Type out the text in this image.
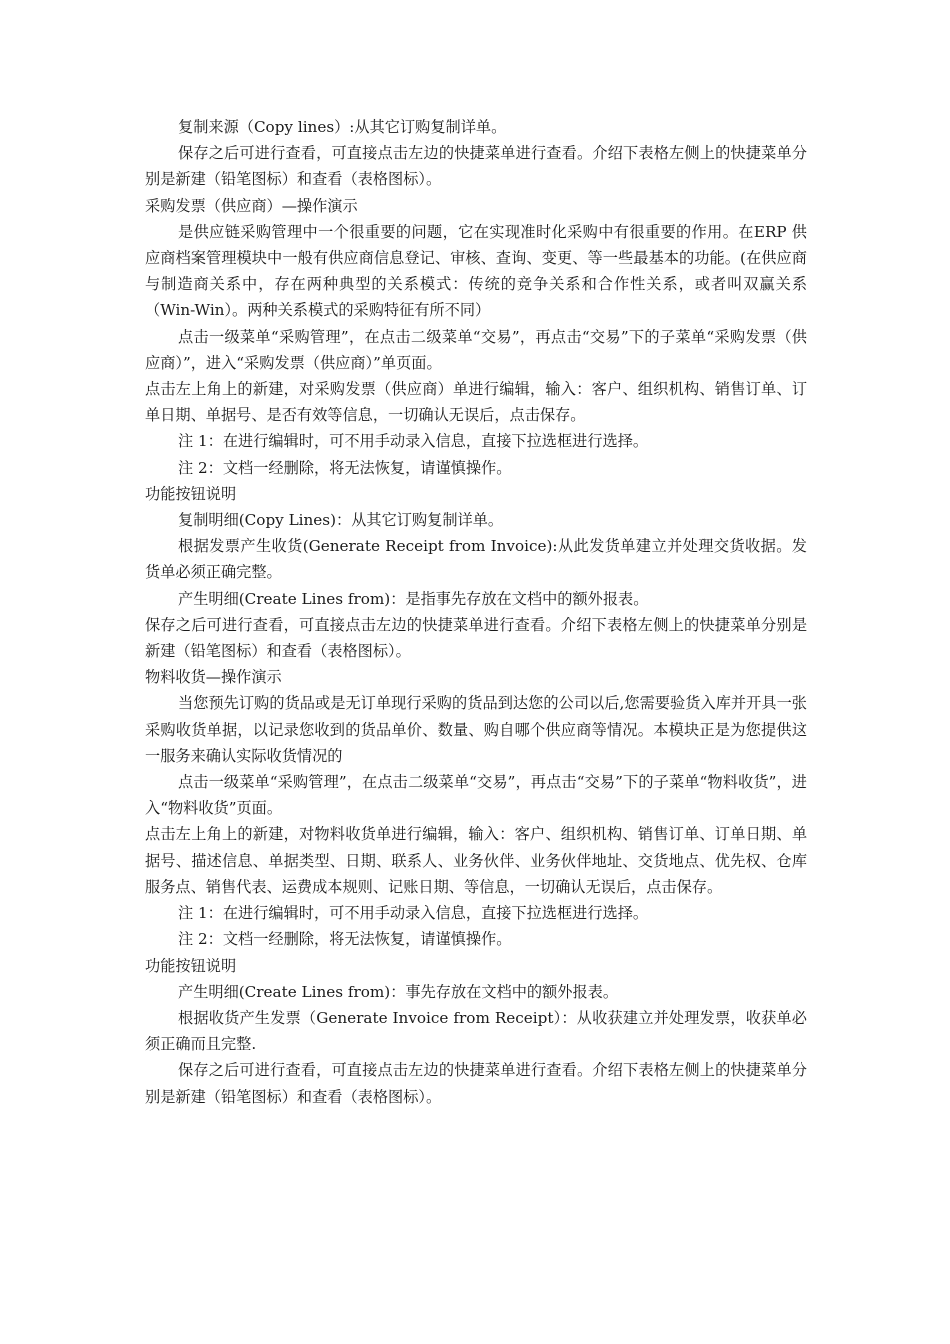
复制来源（Copy lines）:从其它订购复制详单。

保存之后可进行查看，可直接点击左边的快捷菜单进行查看。介绍下表格左侧上的快捷菜单分别是新建（铅笔图标）和查看（表格图标）。

采购发票（供应商）—操作演示

是供应链采购管理中一个很重要的问题，它在实现准时化采购中有很重要的作用。在ERP 供应商档案管理模块中一般有供应商信息登记、审核、查询、变更、等一些最基本的功能。(在供应商与制造商关系中，存在两种典型的关系模式：传统的竞争关系和合作性关系，或者叫双赢关系（Win-Win）。两种关系模式的采购特征有所不同）

点击一级菜单“采购管理”，在点击二级菜单“交易”，再点击“交易”下的子菜单“采购发票（供应商）”，进入“采购发票（供应商）”单页面。

点击左上角上的新建，对采购发票（供应商）单进行编辑，输入：客户、组织机构、销售订单、订单日期、单据号、是否有效等信息，一切确认无误后，点击保存。

注 1：在进行编辑时，可不用手动录入信息，直接下拉选框进行选择。

注 2：文档一经删除，将无法恢复，请谨慎操作。

功能按钮说明

复制明细(Copy Lines)：从其它订购复制详单。

根据发票产生收货(Generate Receipt from Invoice):从此发货单建立并处理交货收据。发货单必须正确完整。

产生明细(Create Lines from)：是指事先存放在文档中的额外报表。

保存之后可进行查看，可直接点击左边的快捷菜单进行查看。介绍下表格左侧上的快捷菜单分别是新建（铅笔图标）和查看（表格图标）。

物料收货—操作演示

当您预先订购的货品或是无订单现行采购的货品到达您的公司以后,您需要验货入库并开具一张采购收货单据，以记录您收到的货品单价、数量、购自哪个供应商等情况。本模块正是为您提供这一服务来确认实际收货情况的

点击一级菜单“采购管理”，在点击二级菜单“交易”，再点击“交易”下的子菜单“物料收货”，进入“物料收货”页面。

点击左上角上的新建，对物料收货单进行编辑，输入：客户、组织机构、销售订单、订单日期、单据号、描述信息、单据类型、日期、联系人、业务伙伴、业务伙伴地址、交货地点、优先权、仓库服务点、销售代表、运费成本规则、记账日期、等信息，一切确认无误后，点击保存。

注 1：在进行编辑时，可不用手动录入信息，直接下拉选框进行选择。

注 2：文档一经删除，将无法恢复，请谨慎操作。

功能按钮说明

产生明细(Create Lines from)：事先存放在文档中的额外报表。

根据收货产生发票（Generate Invoice from Receipt）：从收获建立并处理发票，收获单必须正确而且完整.

保存之后可进行查看，可直接点击左边的快捷菜单进行查看。介绍下表格左侧上的快捷菜单分别是新建（铅笔图标）和查看（表格图标）。
